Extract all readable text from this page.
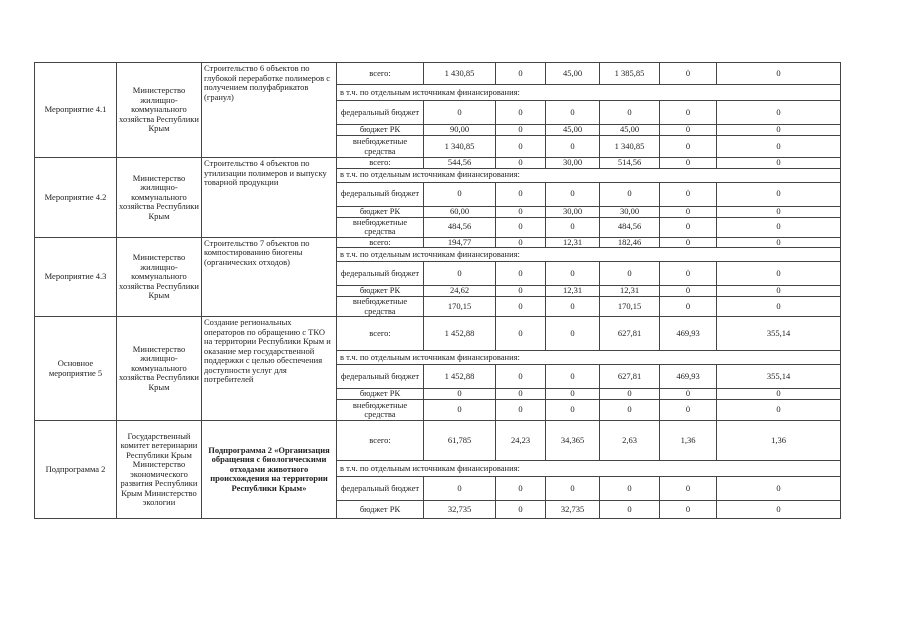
Мероприятие 4.1	Министерство жилищно-коммунального хозяйства Республики Крым	Строительство 6 объектов по глубокой переработке полимеров с получением полуфабрикатов (гранул)	всего:	1 430,85	0	45,00	1 385,85	0	0
			в т.ч. по отдельным источникам финансирования:						
			федеральный бюджет	0	0	0	0	0	0
			бюджет РК	90,00	0	45,00	45,00	0	0
			внебюджетные средства	1 340,85	0	0	1 340,85	0	0
Мероприятие 4.2	Министерство жилищно-коммунального хозяйства Республики Крым	Строительство 4 объектов по утилизации полимеров и выпуску товарной продукции	всего:	544,56	0	30,00	514,56	0	0
			в т.ч. по отдельным источникам финансирования:						
			федеральный бюджет	0	0	0	0	0	0
			бюджет РК	60,00	0	30,00	30,00	0	0
			внебюджетные средства	484,56	0	0	484,56	0	0
Мероприятие 4.3	Министерство жилищно-коммунального хозяйства Республики Крым	Строительство 7 объектов по компостированию биогены (органических отходов)	всего:	194,77	0	12,31	182,46	0	0
			в т.ч. по отдельным источникам финансирования:						
			федеральный бюджет	0	0	0	0	0	0
			бюджет РК	24,62	0	12,31	12,31	0	0
			внебюджетные средства	170,15	0	0	170,15	0	0
Основное мероприятие 5	Министерство жилищно-коммунального хозяйства Республики Крым	Создание региональных операторов по обращению с ТКО на территории Республики Крым и оказание мер государственной поддержки с целью обеспечения доступности услуг для потребителей	всего:	1 452,88	0	0	627,81	469,93	355,14
			в т.ч. по отдельным источникам финансирования:						
			федеральный бюджет	1 452,88	0	0	627,81	469,93	355,14
			бюджет РК	0	0	0	0	0	0
			внебюджетные средства	0	0	0	0	0	0
Подпрограмма 2	Государственный комитет ветеринарии Республики Крым Министерство экономического развития Республики Крым Министерство экологии	Подпрограмма 2 «Организация обращения с биологическими отходами животного происхождения на территории Республики Крым»	всего:	61,785	24,23	34,365	2,63	1,36	1,36
			в т.ч. по отдельным источникам финансирования:						
			федеральный бюджет	0	0	0	0	0	0
			бюджет РК	32,735	0	32,735	0	0	0
